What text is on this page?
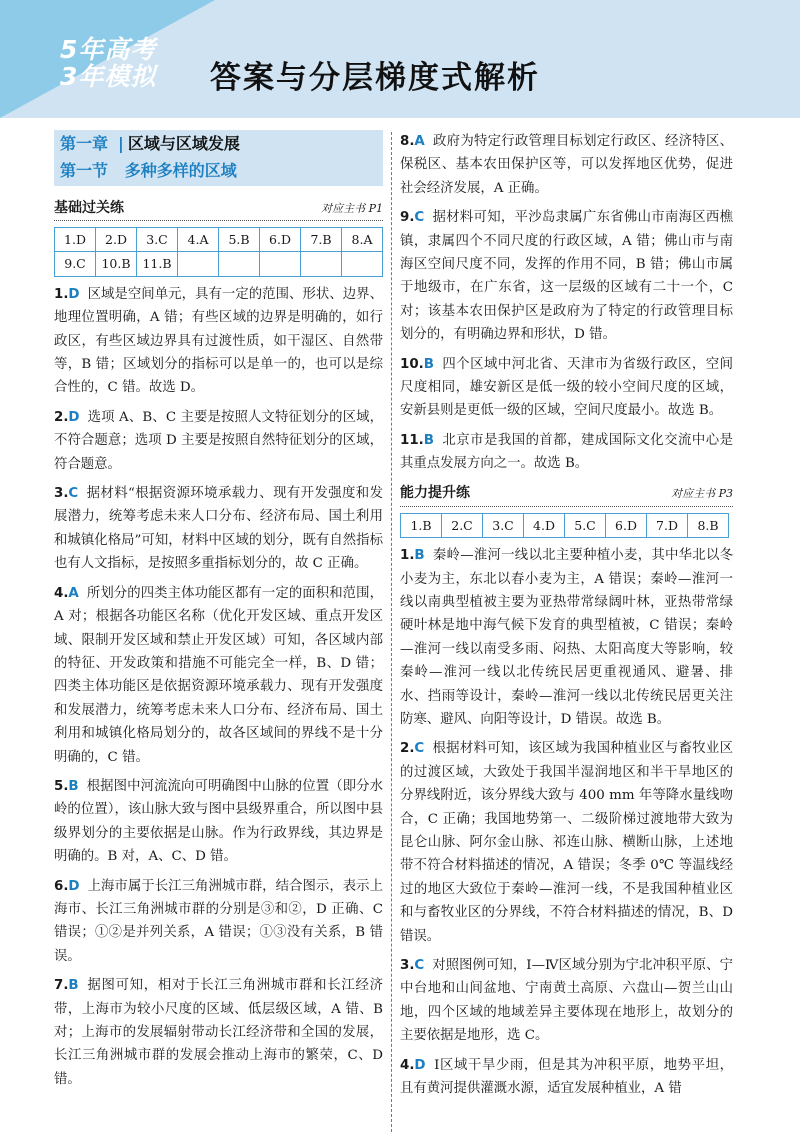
5年高考
3年模拟	答案与分层梯度式解析
第一章 | 区域与区域发展
第一节 多种多样的区域
基础过关练	对应主书 P1
1.D	2.D	3.C	4.A	5.B	6.D	7.B	8.A
9.C	10.B	11.B					

1.D 区域是空间单元，具有一定的范围、形状、边界、地理位置明确，A 错；有些区域的边界是明确的，如行政区，有些区域边界具有过渡性质，如干湿区、自然带等，B 错；区域划分的指标可以是单一的，也可以是综合性的，C 错。故选 D。

2.D 选项 A、B、C 主要是按照人文特征划分的区域，不符合题意；选项 D 主要是按照自然特征划分的区域，符合题意。

3.C 据材料“根据资源环境承载力、现有开发强度和发展潜力，统筹考虑未来人口分布、经济布局、国土利用和城镇化格局”可知，材料中区域的划分，既有自然指标也有人文指标，是按照多重指标划分的，故 C 正确。

4.A 所划分的四类主体功能区都有一定的面积和范围，A 对；根据各功能区名称（优化开发区域、重点开发区域、限制开发区域和禁止开发区域）可知，各区域内部的特征、开发政策和措施不可能完全一样，B、D 错；四类主体功能区是依据资源环境承载力、现有开发强度和发展潜力，统筹考虑未来人口分布、经济布局、国土利用和城镇化格局划分的，故各区域间的界线不是十分明确的，C 错。

5.B 根据图中河流流向可明确图中山脉的位置（即分水岭的位置），该山脉大致与图中县级界重合，所以图中县级界划分的主要依据是山脉。作为行政界线，其边界是明确的。B 对，A、C、D 错。

6.D 上海市属于长江三角洲城市群，结合图示，表示上海市、长江三角洲城市群的分别是③和②，D 正确、C 错误；①②是并列关系，A 错误；①③没有关系，B 错误。

7.B 据图可知，相对于长江三角洲城市群和长江经济带，上海市为较小尺度的区域、低层级区域，A 错、B 对；上海市的发展辐射带动长江经济带和全国的发展，长江三角洲城市群的发展会推动上海市的繁荣，C、D 错。

8.A 政府为特定行政管理目标划定行政区、经济特区、保税区、基本农田保护区等，可以发挥地区优势，促进社会经济发展，A 正确。

9.C 据材料可知，平沙岛隶属广东省佛山市南海区西樵镇，隶属四个不同尺度的行政区域，A 错；佛山市与南海区空间尺度不同，发挥的作用不同，B 错；佛山市属于地级市，在广东省，这一层级的区域有二十一个，C 对；该基本农田保护区是政府为了特定的行政管理目标划分的，有明确边界和形状，D 错。

10.B 四个区域中河北省、天津市为省级行政区，空间尺度相同，雄安新区是低一级的较小空间尺度的区域，安新县则是更低一级的区域，空间尺度最小。故选 B。

11.B 北京市是我国的首都，建成国际文化交流中心是其重点发展方向之一。故选 B。

能力提升练	对应主书 P3
1.B	2.C	3.C	4.D	5.C	6.D	7.D	8.B

1.B 秦岭—淮河一线以北主要种植小麦，其中华北以冬小麦为主，东北以春小麦为主，A 错误；秦岭—淮河一线以南典型植被主要为亚热带常绿阔叶林，亚热带常绿硬叶林是地中海气候下发育的典型植被，C 错误；秦岭—淮河一线以南受多雨、闷热、太阳高度大等影响，较秦岭—淮河一线以北传统民居更重视通风、避暑、排水、挡雨等设计，秦岭—淮河一线以北传统民居更关注防寒、避风、向阳等设计，D 错误。故选 B。

2.C 根据材料可知，该区域为我国种植业区与畜牧业区的过渡区域，大致处于我国半湿润地区和半干旱地区的分界线附近，该分界线大致与 400 mm 年等降水量线吻合，C 正确；我国地势第一、二级阶梯过渡地带大致为昆仑山脉、阿尔金山脉、祁连山脉、横断山脉，上述地带不符合材料描述的情况，A 错误；冬季 0℃ 等温线经过的地区大致位于秦岭—淮河一线，不是我国种植业区和与畜牧业区的分界线，不符合材料描述的情况，B、D 错误。

3.C 对照图例可知，Ⅰ—Ⅳ区域分别为宁北冲积平原、宁中台地和山间盆地、宁南黄土高原、六盘山—贺兰山山地，四个区域的地域差异主要体现在地形上，故划分的主要依据是地形，选 C。

4.D Ⅰ区域干旱少雨，但是其为冲积平原，地势平坦，且有黄河提供灌溉水源，适宜发展种植业，A 错
